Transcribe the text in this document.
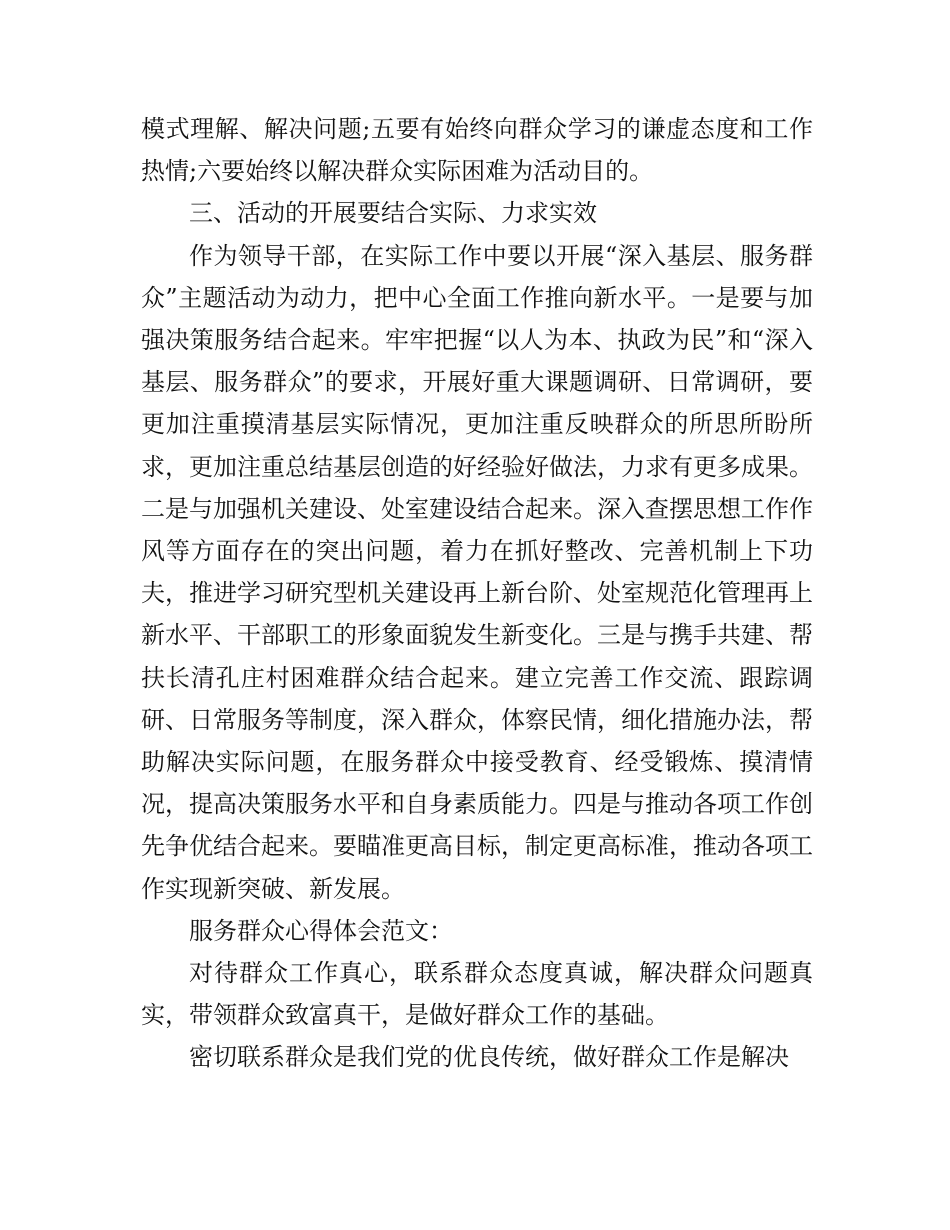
模式理解、解决问题;五要有始终向群众学习的谦虚态度和工作热情;六要始终以解决群众实际困难为活动目的。

三、活动的开展要结合实际、力求实效

作为领导干部，在实际工作中要以开展“深入基层、服务群众”主题活动为动力，把中心全面工作推向新水平。一是要与加强决策服务结合起来。牢牢把握“以人为本、执政为民”和“深入基层、服务群众”的要求，开展好重大课题调研、日常调研，要更加注重摸清基层实际情况，更加注重反映群众的所思所盼所求，更加注重总结基层创造的好经验好做法，力求有更多成果。二是与加强机关建设、处室建设结合起来。深入查摆思想工作作风等方面存在的突出问题，着力在抓好整改、完善机制上下功夫，推进学习研究型机关建设再上新台阶、处室规范化管理再上新水平、干部职工的形象面貌发生新变化。三是与携手共建、帮扶长清孔庄村困难群众结合起来。建立完善工作交流、跟踪调研、日常服务等制度，深入群众，体察民情，细化措施办法，帮助解决实际问题，在服务群众中接受教育、经受锻炼、摸清情况，提高决策服务水平和自身素质能力。四是与推动各项工作创先争优结合起来。要瞄准更高目标，制定更高标准，推动各项工作实现新突破、新发展。

服务群众心得体会范文：

对待群众工作真心，联系群众态度真诚，解决群众问题真实，带领群众致富真干，是做好群众工作的基础。

密切联系群众是我们党的优良传统，做好群众工作是解决
